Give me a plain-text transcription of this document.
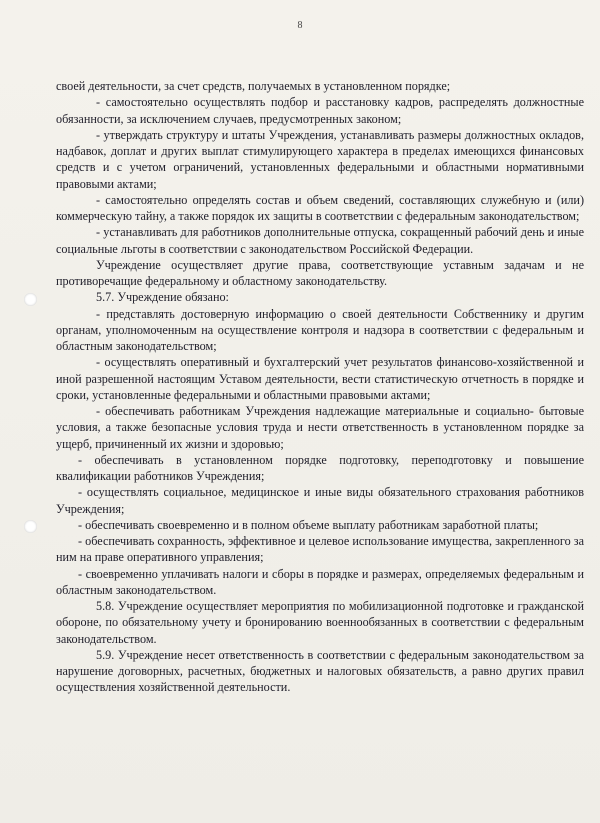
8

своей деятельности, за счет средств, получаемых в установленном порядке;

- самостоятельно осуществлять подбор и расстановку кадров, распределять должностные обязанности, за исключением случаев, предусмотренных законом;

- утверждать структуру и штаты Учреждения, устанавливать размеры должностных окладов, надбавок, доплат и других выплат стимулирующего характера в пределах имеющихся финансовых средств и с учетом ограничений, установленных федеральными и областными нормативными правовыми актами;

- самостоятельно определять состав и объем сведений, составляющих служебную и (или) коммерческую тайну, а также порядок их защиты в соответствии с федеральным законодательством;

- устанавливать для работников дополнительные отпуска, сокращенный рабочий день и иные социальные льготы в соответствии с законодательством Российской Федерации.

Учреждение осуществляет другие права, соответствующие уставным задачам и не противоречащие федеральному и областному законодательству.

5.7. Учреждение обязано:

- представлять достоверную информацию о своей деятельности Собственнику и другим органам, уполномоченным на осуществление контроля и надзора в соответствии с федеральным и областным законодательством;

- осуществлять оперативный и бухгалтерский учет результатов финансово-хозяйственной и иной разрешенной настоящим Уставом деятельности, вести статистическую отчетность в порядке и сроки, установленные федеральными и областными правовыми актами;

- обеспечивать работникам Учреждения надлежащие материальные и социально- бытовые условия, а также безопасные условия труда и нести ответственность в установленном порядке за ущерб, причиненный их жизни и здоровью;

- обеспечивать в установленном порядке подготовку, переподготовку и повышение квалификации работников Учреждения;

- осуществлять социальное, медицинское и иные виды обязательного страхования работников Учреждения;

- обеспечивать своевременно и в полном объеме выплату работникам заработной платы;

- обеспечивать сохранность, эффективное и целевое использование имущества, закрепленного за ним на праве оперативного управления;

- своевременно уплачивать налоги и сборы в порядке и размерах, определяемых федеральным и областным законодательством.

5.8. Учреждение осуществляет мероприятия по мобилизационной подготовке и гражданской обороне, по обязательному учету и бронированию военнообязанных в соответствии с федеральным законодательством.

5.9. Учреждение несет ответственность в соответствии с федеральным законодательством за нарушение договорных, расчетных, бюджетных и налоговых обязательств, а равно других правил осуществления хозяйственной деятельности.
